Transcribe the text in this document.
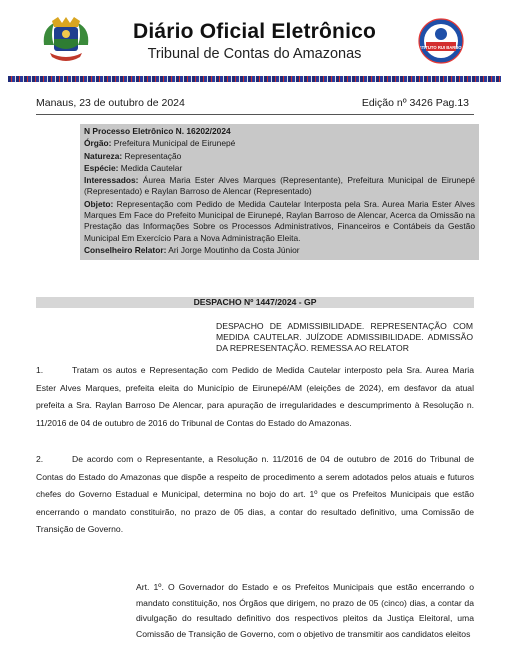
Diário Oficial Eletrônico
Tribunal de Contas do Amazonas	INSTITUTO RUI BARBOSA
Manaus, 23 de outubro de 2024	Edição nº 3426 Pag.13

N Processo Eletrônico N. 16202/2024

Órgão: Prefeitura Municipal de Eirunepé

Natureza: Representação

Espécie: Medida Cautelar

Interessados: Áurea Maria Ester Alves Marques (Representante), Prefeitura Municipal de Eirunepé (Representado) e Raylan Barroso de Alencar (Representado)

Objeto: Representação com Pedido de Medida Cautelar Interposta pela Sra. Aurea Maria Ester Alves Marques Em Face do Prefeito Municipal de Eirunepé, Raylan Barroso de Alencar, Acerca da Omissão na Prestação das Informações Sobre os Processos Administrativos, Financeiros e Contábeis da Gestão Municipal Em Exercício Para a Nova Administração Eleita.

Conselheiro Relator: Ari Jorge Moutinho da Costa Júnior

DESPACHO Nº 1447/2024 - GP
DESPACHO DE ADMISSIBILIDADE. REPRESENTAÇÃO COM MEDIDA CAUTELAR. JUÍZODE ADMISSIBILIDADE. ADMISSÃO DA REPRESENTAÇÃO. REMESSA AO RELATOR
1.	Tratam os autos e Representação com Pedido de Medida Cautelar interposto pela Sra. Aurea Maria Ester Alves Marques, prefeita eleita do Município de Eirunepé/AM (eleições de 2024), em desfavor da atual prefeita a Sra. Raylan Barroso De Alencar, para apuração de irregularidades e descumprimento à Resolução n. 11/2016 de 04 de outubro de 2016 do Tribunal de Contas do Estado do Amazonas.
2.	De acordo com o Representante, a Resolução n. 11/2016 de 04 de outubro de 2016 do Tribunal de Contas do Estado do Amazonas que dispõe a respeito de procedimento a serem adotados pelos atuais e futuros chefes do Governo Estadual e Municipal, determina no bojo do art. 1º que os Prefeitos Municipais que estão encerrando o mandato constituirão, no prazo de 05 dias, a contar do resultado definitivo, uma Comissão de Transição de Governo.
Art. 1º. O Governador do Estado e os Prefeitos Municipais que estão encerrando o mandato constituição, nos Órgãos que dirigem, no prazo de 05 (cinco) dias, a contar da divulgação do resultado definitivo dos respectivos pleitos da Justiça Eleitoral, uma Comissão de Transição de Governo, com o objetivo de transmitir aos candidatos eleitos
